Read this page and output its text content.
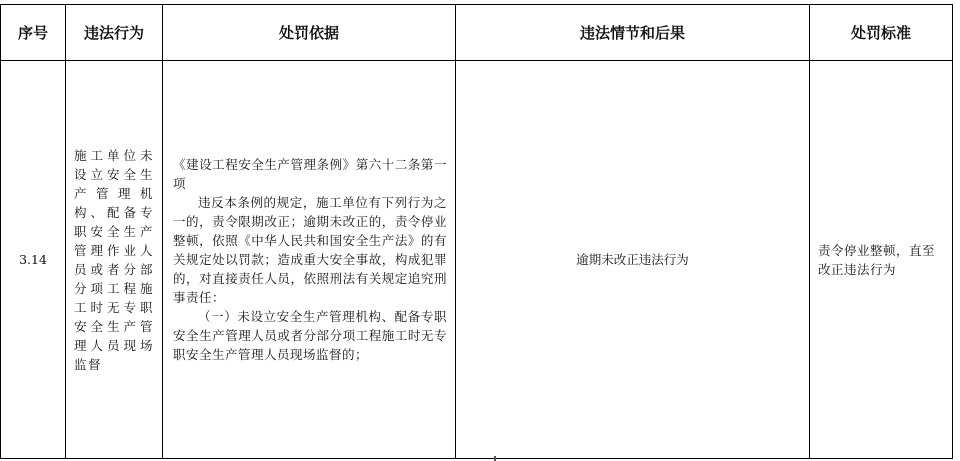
序号	违法行为	处罚依据	违法情节和后果	处罚标准
3.14	施工单位未设立安全生产管理机构、配备专职安全生产管理作业人员或者分部分项工程施工时无专职安全生产管理人员现场监督	《建设工程安全生产管理条例》第六十二条第一项
违反本条例的规定，施工单位有下列行为之一的，责令限期改正；逾期未改正的，责令停业整顿，依照《中华人民共和国安全生产法》的有关规定处以罚款；造成重大安全事故，构成犯罪的，对直接责任人员，依照刑法有关规定追究刑事责任：
（一）未设立安全生产管理机构、配备专职安全生产管理人员或者分部分项工程施工时无专职安全生产管理人员现场监督的；	逾期未改正违法行为	责令停业整顿，直至改正违法行为
